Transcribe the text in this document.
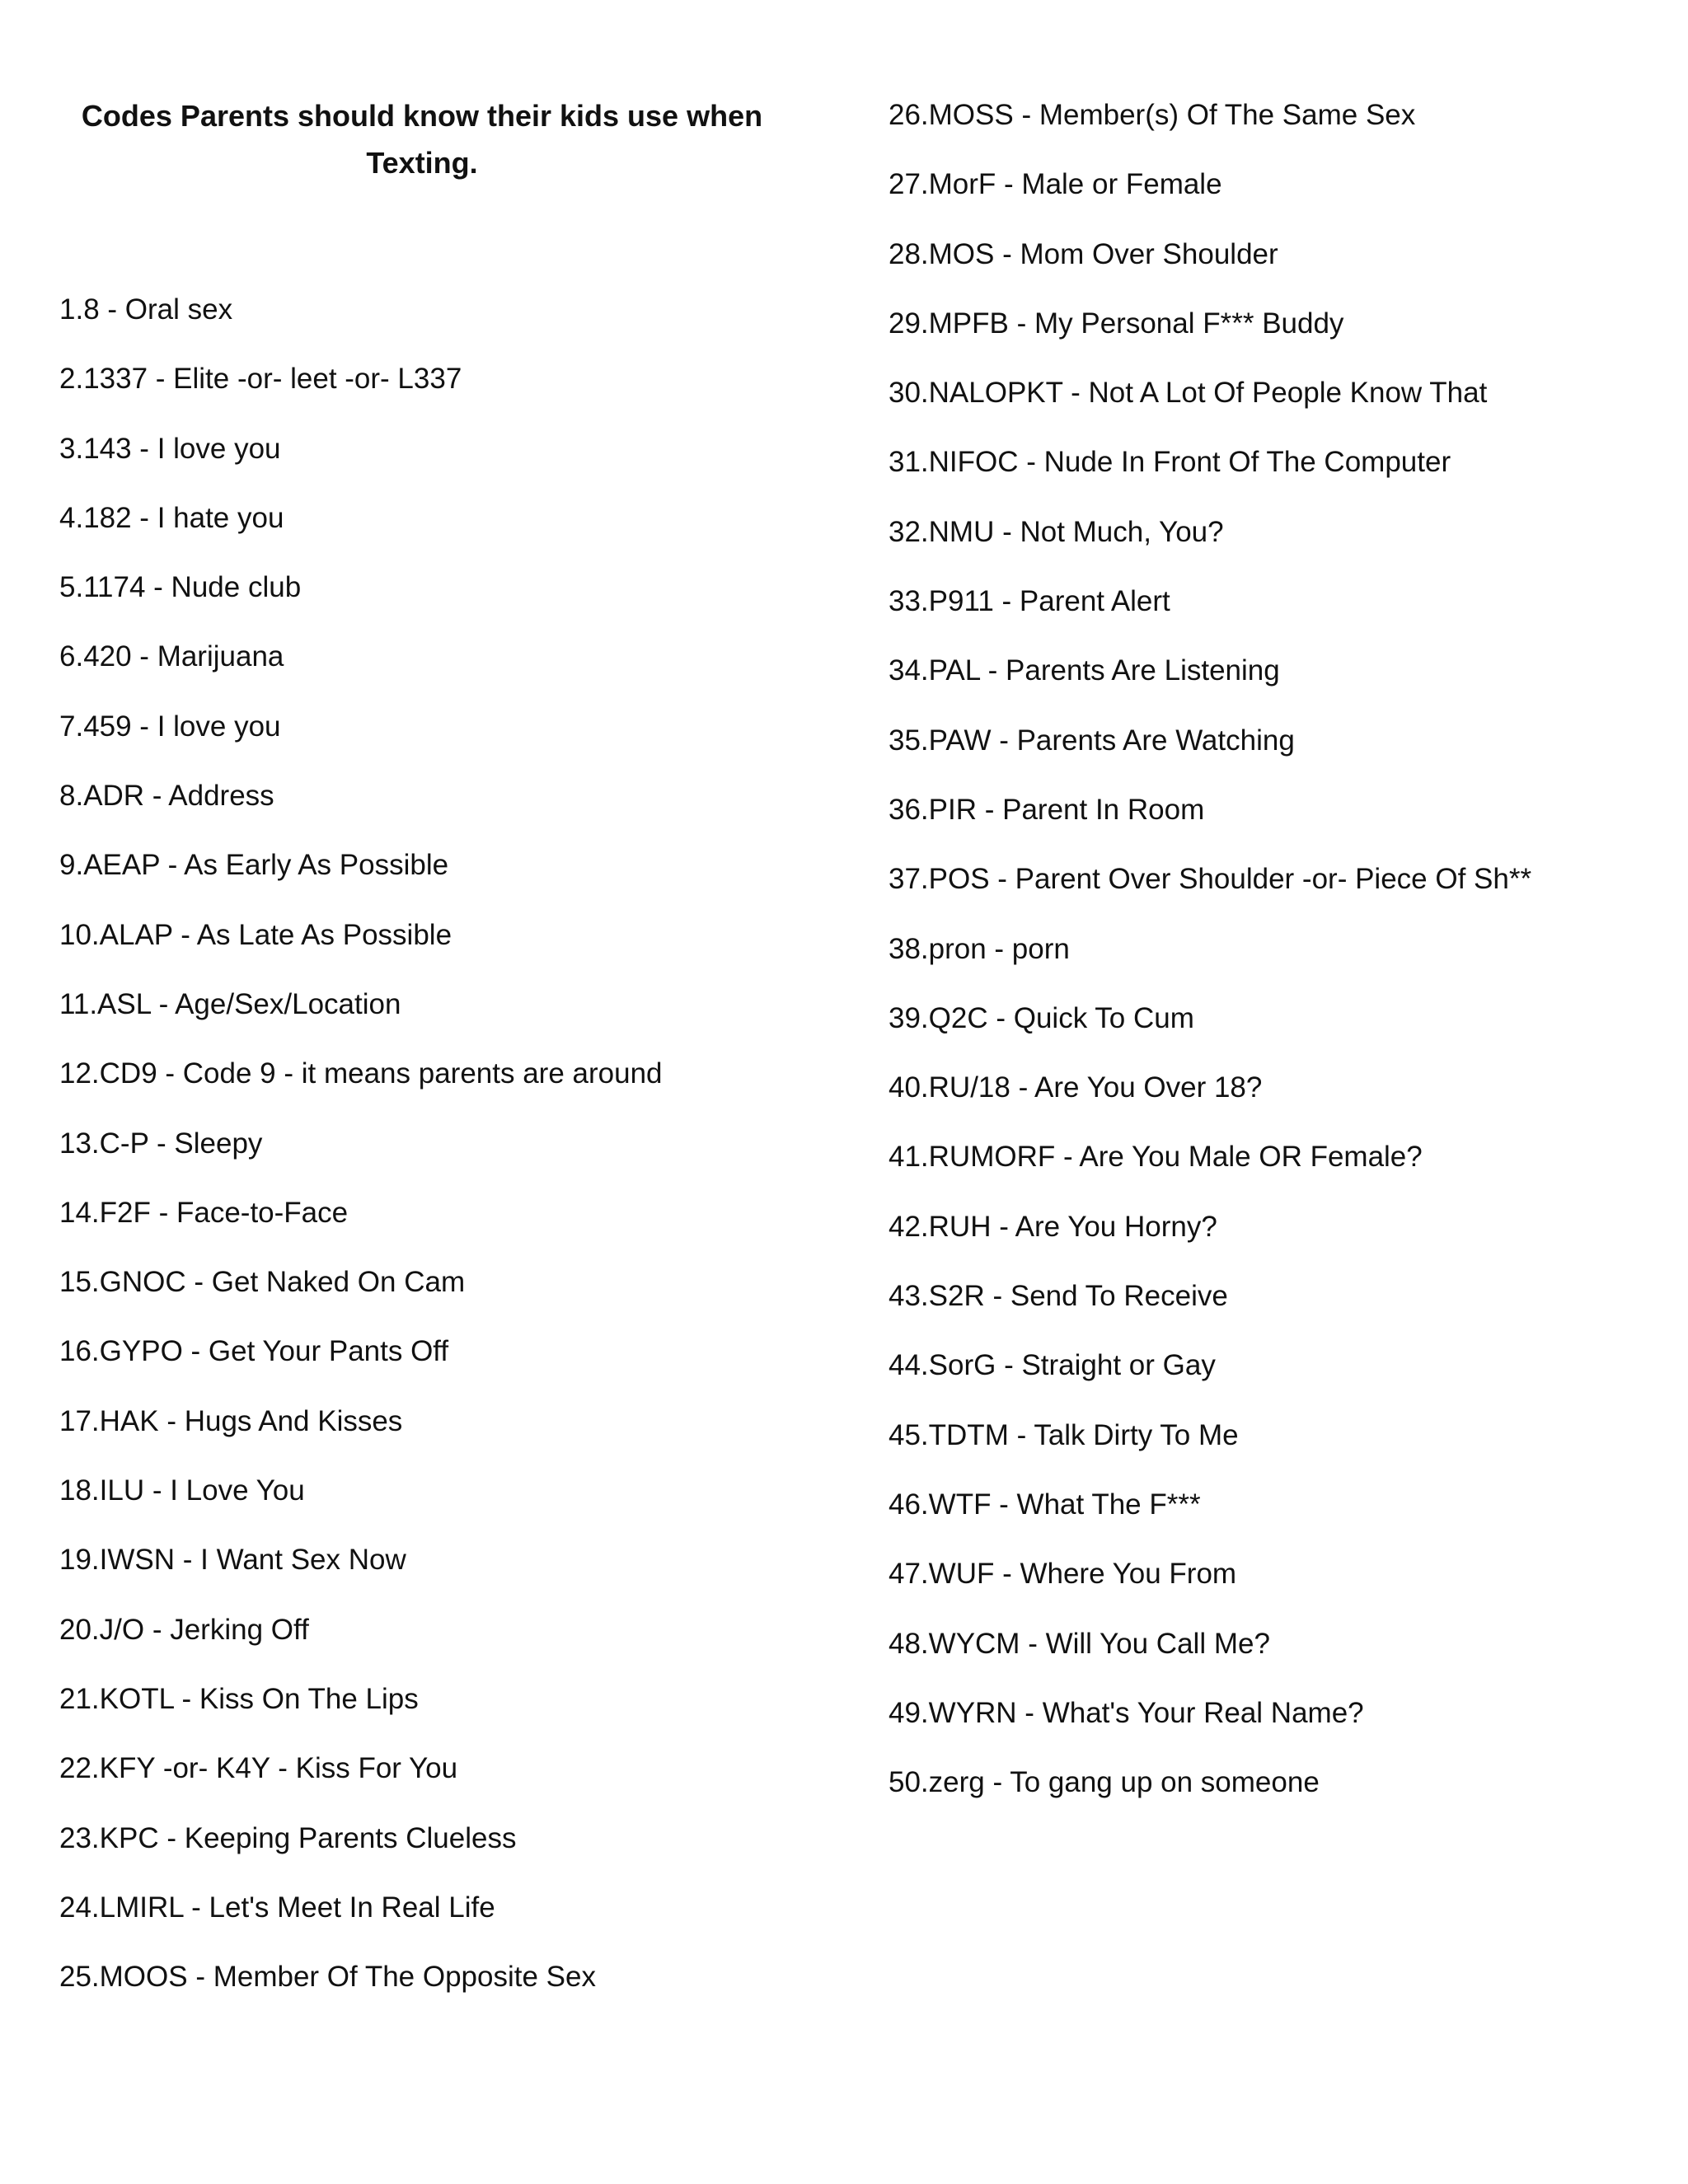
Codes Parents should know their kids use when Texting.
1.8 - Oral sex
2.1337 - Elite -or- leet -or- L337
3.143 - I love you
4.182 - I hate you
5.1174 - Nude club
6.420 - Marijuana
7.459 - I love you
8.ADR - Address
9.AEAP - As Early As Possible
10.ALAP - As Late As Possible
11.ASL - Age/Sex/Location
12.CD9 - Code 9 - it means parents are around
13.C-P - Sleepy
14.F2F - Face-to-Face
15.GNOC - Get Naked On Cam
16.GYPO - Get Your Pants Off
17.HAK - Hugs And Kisses
18.ILU - I Love You
19.IWSN - I Want Sex Now
20.J/O - Jerking Off
21.KOTL - Kiss On The Lips
22.KFY -or- K4Y - Kiss For You
23.KPC - Keeping Parents Clueless
24.LMIRL - Let's Meet In Real Life
25.MOOS - Member Of The Opposite Sex
26.MOSS - Member(s) Of The Same Sex
27.MorF - Male or Female
28.MOS - Mom Over Shoulder
29.MPFB - My Personal F*** Buddy
30.NALOPKT - Not A Lot Of People Know That
31.NIFOC - Nude In Front Of The Computer
32.NMU - Not Much, You?
33.P911 - Parent Alert
34.PAL - Parents Are Listening
35.PAW - Parents Are Watching
36.PIR - Parent In Room
37.POS - Parent Over Shoulder -or- Piece Of Sh**
38.pron - porn
39.Q2C - Quick To Cum
40.RU/18 - Are You Over 18?
41.RUMORF - Are You Male OR Female?
42.RUH - Are You Horny?
43.S2R - Send To Receive
44.SorG - Straight or Gay
45.TDTM - Talk Dirty To Me
46.WTF - What The F***
47.WUF - Where You From
48.WYCM - Will You Call Me?
49.WYRN - What's Your Real Name?
50.zerg - To gang up on someone
